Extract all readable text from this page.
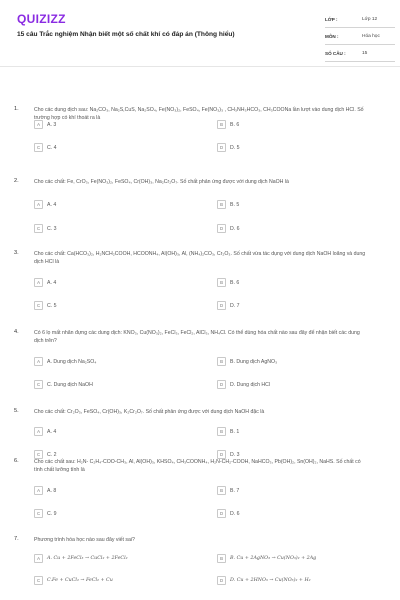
QUIZIZZ
15 câu Trắc nghiệm Nhận biết một số chất khí có đáp án (Thông hiểu)
LỚP :	Lớp 12
MÔN :	Hóa học
SỐ CÂU :	15
1.	Cho các dung dịch sau: Na₂CO₃, Na₂S,CuS, Na₂SO₄, Fe(NO₃)₂, FeSO₄, Fe(NO₃)₃ , CH₃NH₃HCO₃, CH₃COONa lần lượt vào dung dịch HCl. Số trường hợp có khí thoát ra là
A	A. 3	B	B. 6
C	C. 4	D	D. 5
2.	Cho các chất: Fe, CrO₃, Fe(NO₃)₂, FeSO₄, Cr(OH)₃, Na₂Cr₂O₇. Số chất phản ứng được với dung dịch NaOH là
A	A. 4	B	B. 5
C	C. 3	D	D. 6
3.	Cho các chất: Ca(HCO₃)₂, H₂NCH₂COOH, HCOONH₄, Al(OH)₃, Al, (NH₄)₂CO₃, Cr₂O₃. Số chất vừa tác dụng với dung dịch NaOH loãng và dung dịch HCl là
A	A. 4	B	B. 6
C	C. 5	D	D. 7
4.	Có 6 lọ mất nhãn đựng các dung dịch: KNO₃, Cu(NO₃)₂, FeCl₃, FeCl₂, AlCl₃, NH₄Cl. Có thể dùng hóa chất nào sau đây để nhận biết các dung dịch trên?
A	A. Dung dịch Na₂SO₄	B	B. Dung dịch AgNO₃
C	C. Dung dịch NaOH	D	D. Dung dịch HCl
5.	Cho các chất: Cr₂O₃, FeSO₄, Cr(OH)₃, K₂Cr₂O₇. Số chất phản ứng được với dung dịch NaOH đặc là
A	A. 4	B	B. 1
C	C. 2	D	D. 3
6.	Cho các chất sau: H₂N- C₂H₄-COO-CH₃, Al, Al(OH)₃, KHSO₄, CH₃COONH₄, H₂N-CH₂-COOH, NaHCO₃, Pb(OH)₂, Sn(OH)₂, NaHS. Số chất có tính chất lưỡng tính là
A	A. 8	B	B. 7
C	C. 9	D	D. 6
7.	Phương trình hóa học nào sau đây viết sai?
A	A. Cu + 2FeCl₃ → CuCl₂ + 2FeCl₂	B	B. Cu + 2AgNO₃ → Cu(NO₃)₂ + 2Ag
C	C.Fe + CuCl₂ → FeCl₂ + Cu	D	D. Cu + 2HNO₃ → Cu(NO₃)₂ + H₂
